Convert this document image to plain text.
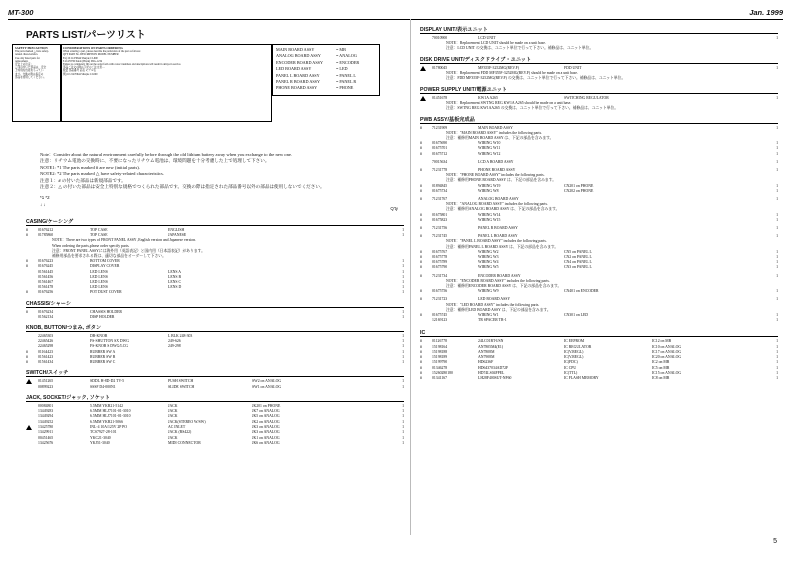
MT-300	Jan. 1999
PARTS LIST/パーツリスト
SAFETY PRECAUTION
The parts marked △ have safety-
related characteristics.
Use only listed parts for
replacement.
安全上の注意：
△ 印の付いた部品は、安全
上特別な性能をもってい
ます。交換の際は指定の
部品を使用してください。
CONSIDERATIONS ON PARTS ORDERING
When ordering a part, please describe the particulars of the part as follows:
QTY PART No. DESCRIPTION MODEL NUMBER
Ex) 10 21470644 Sharpie CJ-600
8 21470700 Knob (Black) DSG-1234
Failure to completely fill out the order form with correct numbers and descriptions will result in delays in service.
部品ご注文の際は下記のご注文書 ...
数量 部品番号 品名 モデル名
例) 10 21470644 Sharpie CJ-600
MAIN BOARD ASSY	= MB
ANALOG BOARD ASSY	= ANALOG
ENCODER BOARD ASSY	= ENCODER
LED BOARD ASSY	= LED
PANEL L BOARD ASSY	= PANEL L
PANEL R BOARD ASSY	= PANEL R
PHONE BOARD ASSY	= PHONE
Note：Consider about the natural environment carefully before through the old lithium battery away when you exchange to the new one.
注意：リチウム電池の交換時に、不要になったリチウム電池は、環境問題を十分考慮した上で処理して下さい。
NOTE1: *1 The parts marked # are new (initial parts).
NOTE2: *2 The parts marked △ have safety-related characteristics.
注意１：# の付いた部品は新規部品です。
注意２：△ の付いた部品は安全上特別な規格でつくられた部品です。交換の際は指定された部品番号以外の部品は使用しないでください。
*1 *2
↓ ↓
Q'ty
CASING/ケーシング
#	01676212	TOP CASE	ENGLISH	1
#	01785860	TOP CASE	JAPANESE	1
NOTE：There are two types of FRONT PANEL ASSY ,English version and Japanese version.
When ordering the parts,please order specify parts.
注意：FRONT PANEL ASSYには海外用（英語表記）と国内用（日本語表記）があります。
補修用部品を要求される際は、適切な部品をオーダーして下さい。
#	01676223	BOTTOM COVER	1
#	01676245	DISPLAY COVER	1
01561445	LED LENS	LENS A	1
01561456	LED LENS	LENS B	1
01561467	LED LENS	LENS C	1
01561478	LED LENS	LENS D	1
#	01676256	POT DUST COVER	1
CHASSIS/シャーシ
#	01676234	CHASSIS HOLDER	1
01562134	DISP HOLDER	1
KNOB, BUTTON/つまみ, ボタン
22465303	DB-KNOB	L BLK 248-303	1
22465426	FS-SHUTTON SX DWG	249-626	1
22465298	FS-KNOB S DWG/LCG	249-298	1
#	01164423	RUBBER SW A	1
#	01561423	RUBBER SW B	1
#	01561434	RUBBER SW C	1
SWITCH/スイッチ
01451265	SDDL H-8D-D2 TV-5	PUSH SWITCH	SW2 on ANALOG	1
00899223	SSSF D4-000N1	SLIDE SWITCH	SW1 on ANALOG	1
JACK, SOCKET/ジャック, ソケット
00084801	5.5MM YKB21-5142	JACK	JK201 on PHONE	1
13449283	6.5MM HLJ7101-01-3010	JACK	JK7 on ANALOG	1
13449294	6.5MM HLJ7101-01-3010	JACK	JK5 on ANALOG	1
13449252	6.5MM YKB21-5066	JACK(STEREO W/SW)	JK2 on ANALOG	1
13425780	INL-4 10A/125V 2P PO	AC INLET	JK3 on ANALOG	1
13429911	TCS7927-28-101	JACK (RS422)	JK3 on ANALOG	1
00451465	YKC21-3040	JACK	JK1 on ANALOG	1
13425676	YKJ51-3040	MIDI CONNECTOR	JK6 on ANALOG	1
DISPLAY UNIT/表示ユニット
70010900	LCD UNIT	1
NOTE：Replacement LCD UNIT should be made on a unit base.
注意：LCD UNIT の交換は、ユニット単位で行って下さい。補修品は、ユニット単位。
DISK DRIVE UNIT/ディスクドライブ・ユニット
01780045	MF355F-3252MG(REV.F)	FDD UNIT	1
NOTE：Replacement FDD MF355F-3252MG(REV.F) should be made on a unit base.
注意：FDD MF355F-3252MG(REV.F) の交換は、ユニット単位で行って下さい。補修品は、ユニット単位。
POWER SUPPLY UNIT/電源ユニット
01451678	KW1A A265	SWITCHING REGULATOR	1
NOTE：Replacement SWTNG REG KW1A A265 should be made on a unit base.
注意：SWTNG REG KW1AA265 の交換は、ユニット単位で行って下さい。補修品は、ユニット単位。
PWB ASSY/基板完成品
#	71231909	MAIN BOARD ASSY	1
NOTE："MAIN BOARD ASSY" includes the following parts.
注意：補修用MAIN BOARD ASSY は、下記の部品を含みます。
#	01675690	WIRING W10	1
#	01675701	WIRING W11	1
#	01675712	WIRING W12	1
70015634	LCD A BOARD ASSY	1
#	71231778	PHONE BOARD ASSY	1
NOTE："PHONE BOARD ASSY" includes the following parts.
注意：補修用PHONE BOARD ASSY は、下記の部品を含みます。
#	01894845	WIRING W19	CN201 on PHONE	1
#	01675734	WIRING W8	CN202 on PHONE	1
#	71231767	ANALOG BOARD ASSY	1
NOTE："ANALOG BOARD ASSY" includes the following parts.
注意：補修用ANALOG BOARD ASSY は、下記の部品を含みます。
#	01675801	WIRING W14	1
#	01675823	WIRING W15	1
#	71231756	PANEL R BOARD ASSY	1
#	71231745	PANEL L BOARD ASSY	1
NOTE："PANEL L BOARD ASSY" includes the following parts.
注意：補修用PANEL L BOARD ASSY は、下記の部品を含みます。
#	01675767	WIRING W2	CN5 on PANEL L	1
#	01675778	WIRING W3	CN2 on PANEL L	1
#	01675789	WIRING W4	CN4 on PANEL L	1
#	01675790	WIRING W5	CN3 on PANEL L	1
#	71231734	ENCODER BOARD ASSY	1
NOTE："ENCODER BOARD ASSY" includes the following parts.
注意：補修用ENCODER BOARD ASSY は、下記の部品を含みます。
#	01675756	WIRING W9	CN401 on ENCODER	1
#	71231723	LED BOARD ASSY	1
NOTE："LED BOARD ASSY" includes the following parts.
注意：補修用LED BOARD ASSY は、下記の部品を含みます。
#	01675745	WIRING W1	CN301 on LED	1
12169123	TR SPACER TR-1	1
IC
#	01126778	24LC01BT-I/SN	IC EEPROM	IC12 on MB	1
#	15198164	AN7805M4(E1)	IC REGULATOR	IC10 on ANALOG	1
#	15198188	AN7808M	IC(V.REGL)	IC17 on ANALOG	1
#	15198189	AN7908M	IC(V.REGL)	IC20 on ANALOG	1
#	15199790	HD6236F	IC(FDC)	IC2 on MB	1
#	01346278	HD6437034AD72F	IC CPU	IC5 on MB	1
#	15260280180	HD74LS04FPEL	IC(TTL)	IC15 on ANALOG	1
#	01341167	LH28F400SUT-NF60	IC FLASH MEMORY	IC8 on MB	1
5
